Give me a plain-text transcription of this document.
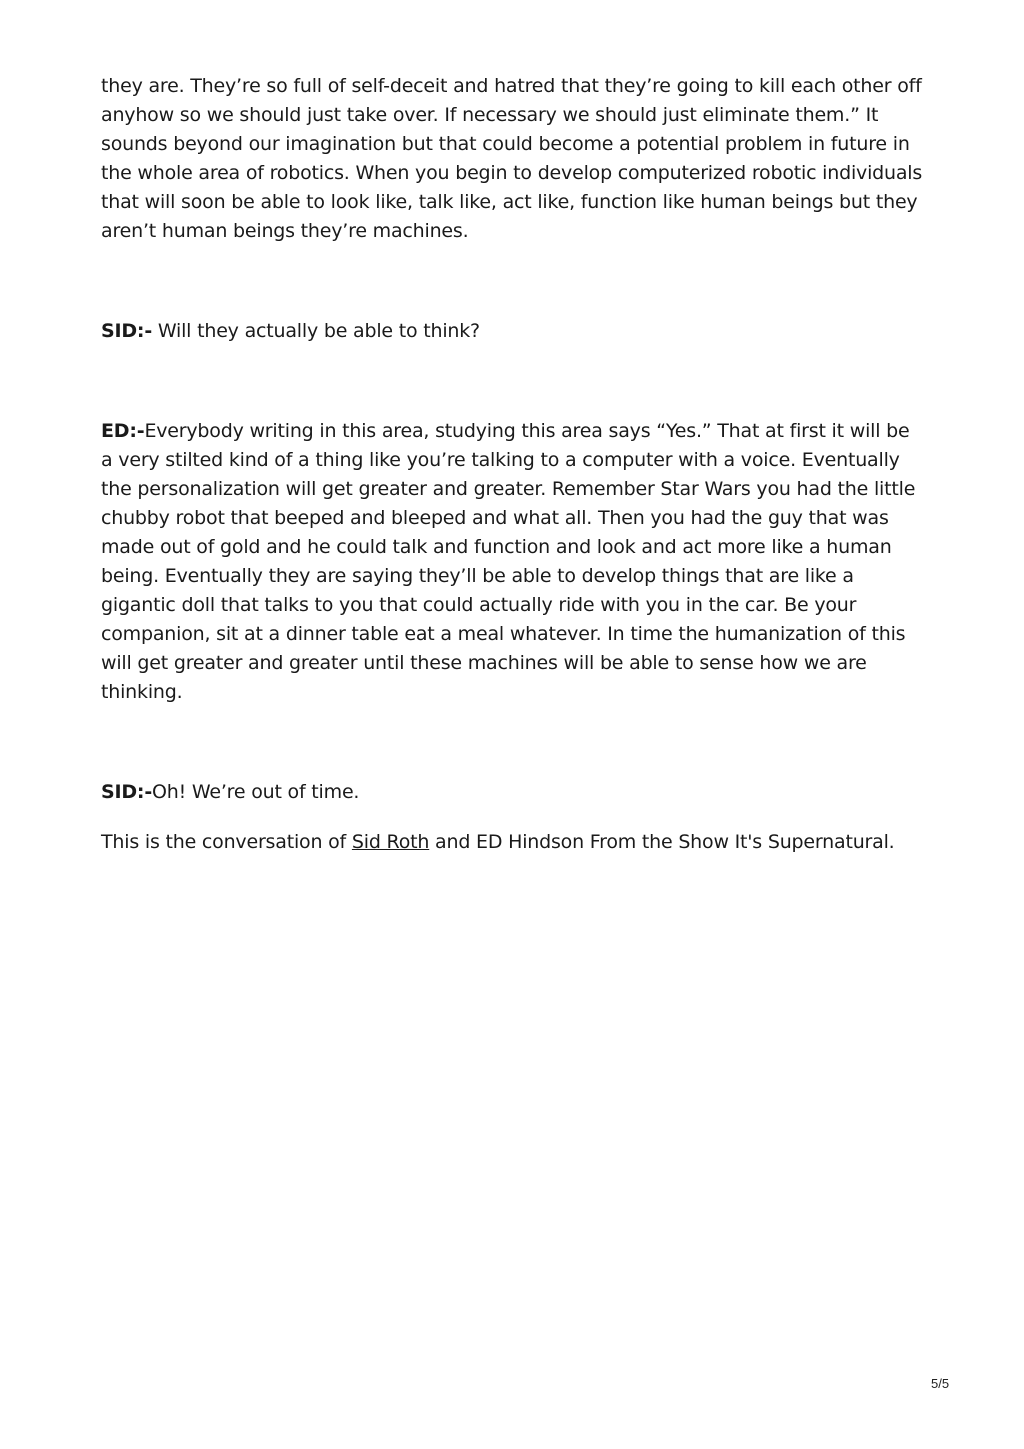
they are. They’re so full of self-deceit and hatred that they’re going to kill each other off anyhow so we should just take over. If necessary we should just eliminate them.” It sounds beyond our imagination but that could become a potential problem in future in the whole area of robotics. When you begin to develop computerized robotic individuals that will soon be able to look like, talk like, act like, function like human beings but they aren’t human beings they’re machines.

SID:- Will they actually be able to think?

ED:-Everybody writing in this area, studying this area says “Yes.” That at first it will be a very stilted kind of a thing like you’re talking to a computer with a voice. Eventually the personalization will get greater and greater. Remember Star Wars you had the little chubby robot that beeped and bleeped and what all. Then you had the guy that was made out of gold and he could talk and function and look and act more like a human being. Eventually they are saying they’ll be able to develop things that are like a gigantic doll that talks to you that could actually ride with you in the car. Be your companion, sit at a dinner table eat a meal whatever. In time the humanization of this will get greater and greater until these machines will be able to sense how we are thinking.

SID:-Oh! We’re out of time.

This is the conversation of Sid Roth and ED Hindson From the Show It's Supernatural.

5/5
